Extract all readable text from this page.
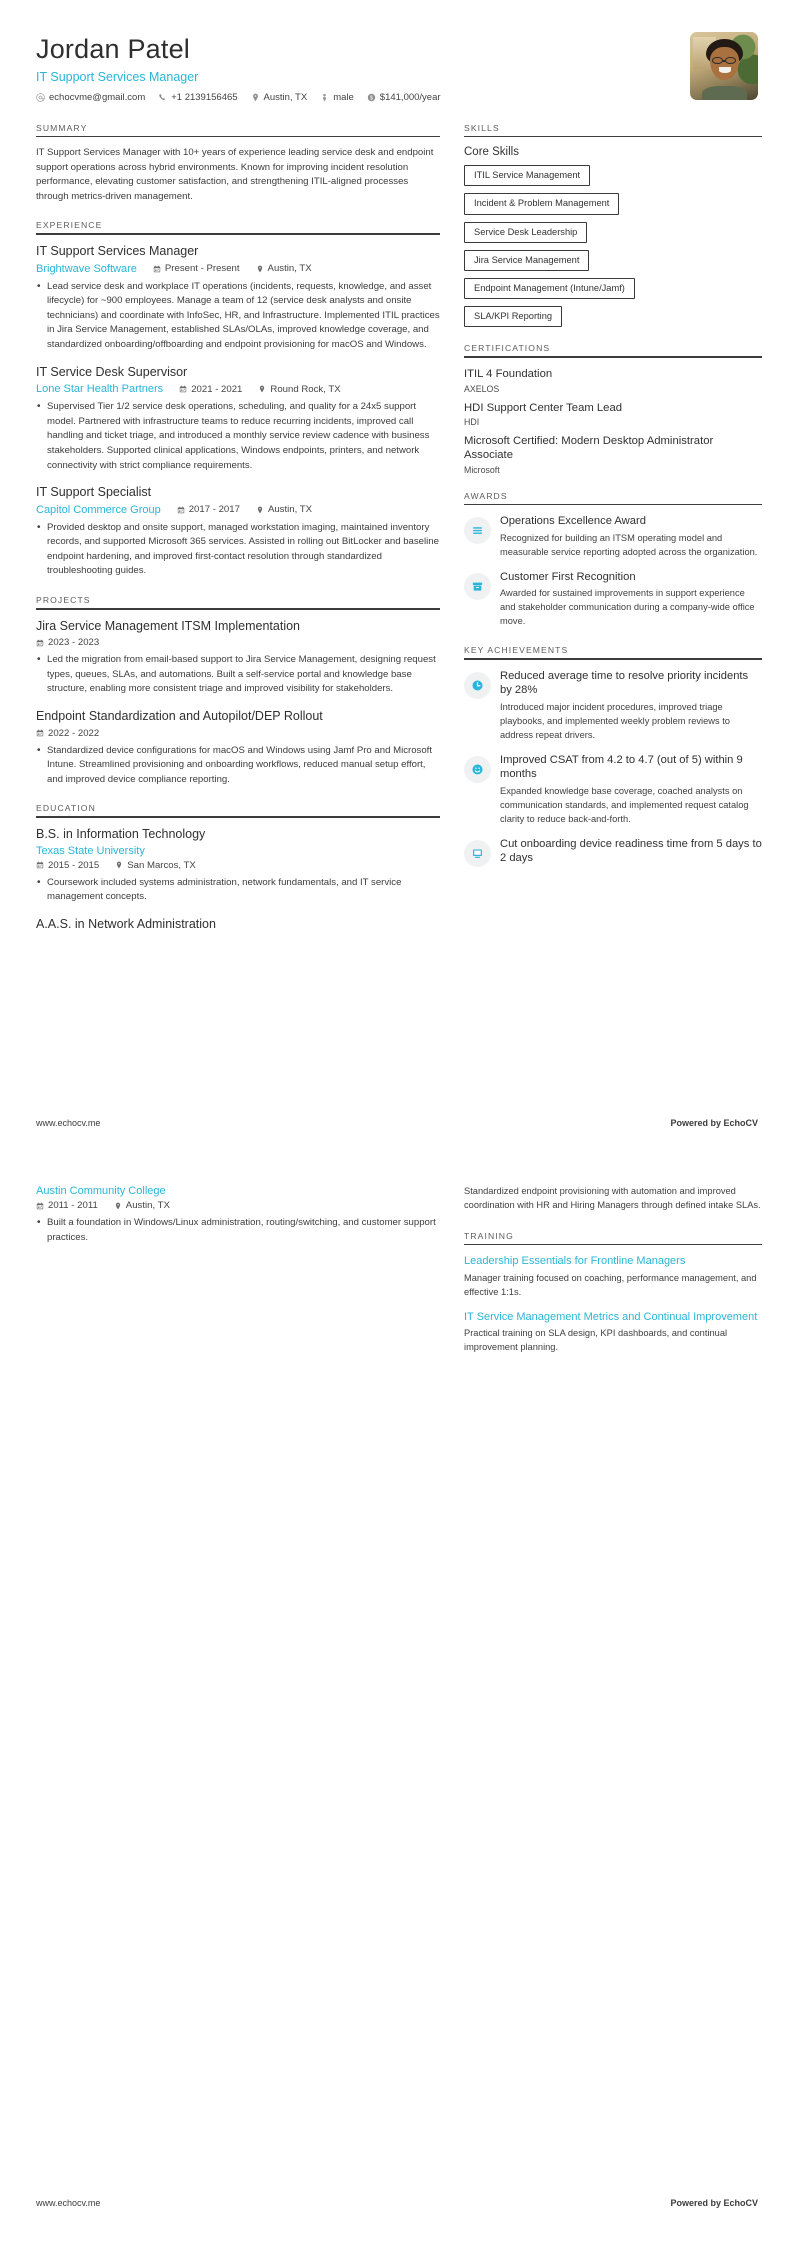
Jordan Patel
IT Support Services Manager
echocvme@gmail.com	+1 2139156465	Austin, TX	male $ $141,000/year
SUMMARY
IT Support Services Manager with 10+ years of experience leading service desk and endpoint support operations across hybrid environments. Known for improving incident resolution performance, elevating customer satisfaction, and strengthening ITIL-aligned processes through metrics-driven management.
EXPERIENCE
IT Support Services Manager
Brightwave Software	Present - Present	Austin, TX
• Lead service desk and workplace IT operations (incidents, requests, knowledge, and asset lifecycle) for ~900 employees. Manage a team of 12 (service desk analysts and onsite technicians) and coordinate with InfoSec, HR, and Infrastructure. Implemented ITIL practices in Jira Service Management, established SLAs/OLAs, improved knowledge coverage, and standardized onboarding/offboarding and endpoint provisioning for macOS and Windows.
IT Service Desk Supervisor
Lone Star Health Partners	2021 - 2021	Round Rock, TX
• Supervised Tier 1/2 service desk operations, scheduling, and quality for a 24x5 support model. Partnered with infrastructure teams to reduce recurring incidents, improved call handling and ticket triage, and introduced a monthly service review cadence with business stakeholders. Supported clinical applications, Windows endpoints, printers, and network connectivity with strict compliance requirements.
IT Support Specialist
Capitol Commerce Group	2017 - 2017	Austin, TX
• Provided desktop and onsite support, managed workstation imaging, maintained inventory records, and supported Microsoft 365 services. Assisted in rolling out BitLocker and baseline endpoint hardening, and improved first-contact resolution through standardized troubleshooting guides.
PROJECTS
Jira Service Management ITSM Implementation
2023 - 2023
• Led the migration from email-based support to Jira Service Management, designing request types, queues, SLAs, and automations. Built a self-service portal and knowledge base structure, enabling more consistent triage and improved visibility for stakeholders.
Endpoint Standardization and Autopilot/DEP Rollout
2022 - 2022
• Standardized device configurations for macOS and Windows using Jamf Pro and Microsoft Intune. Streamlined provisioning and onboarding workflows, reduced manual setup effort, and improved device compliance reporting.
EDUCATION
B.S. in Information Technology
Texas State University
2015 - 2015	San Marcos, TX
• Coursework included systems administration, network fundamentals, and IT service management concepts.
A.A.S. in Network Administration
SKILLS
Core Skills
ITIL Service Management
Incident & Problem Management
Service Desk Leadership
Jira Service Management
Endpoint Management (Intune/Jamf)
SLA/KPI Reporting
CERTIFICATIONS
ITIL 4 Foundation
AXELOS
HDI Support Center Team Lead
HDI
Microsoft Certified: Modern Desktop Administrator Associate
Microsoft
AWARDS
Operations Excellence Award
Recognized for building an ITSM operating model and measurable service reporting adopted across the organization.
Customer First Recognition
Awarded for sustained improvements in support experience and stakeholder communication during a company-wide office move.
KEY ACHIEVEMENTS
Reduced average time to resolve priority incidents by 28%
Introduced major incident procedures, improved triage playbooks, and implemented weekly problem reviews to address repeat drivers.
Improved CSAT from 4.2 to 4.7 (out of 5) within 9 months
Expanded knowledge base coverage, coached analysts on communication standards, and implemented request catalog clarity to reduce back-and-forth.
Cut onboarding device readiness time from 5 days to 2 days
www.echocv.me	Powered by EchoCV
Austin Community College
2011 - 2011	Austin, TX
• Built a foundation in Windows/Linux administration, routing/switching, and customer support practices.
Standardized endpoint provisioning with automation and improved coordination with HR and Hiring Managers through defined intake SLAs.
TRAINING
Leadership Essentials for Frontline Managers
Manager training focused on coaching, performance management, and effective 1:1s.
IT Service Management Metrics and Continual Improvement
Practical training on SLA design, KPI dashboards, and continual improvement planning.
www.echocv.me	Powered by EchoCV
